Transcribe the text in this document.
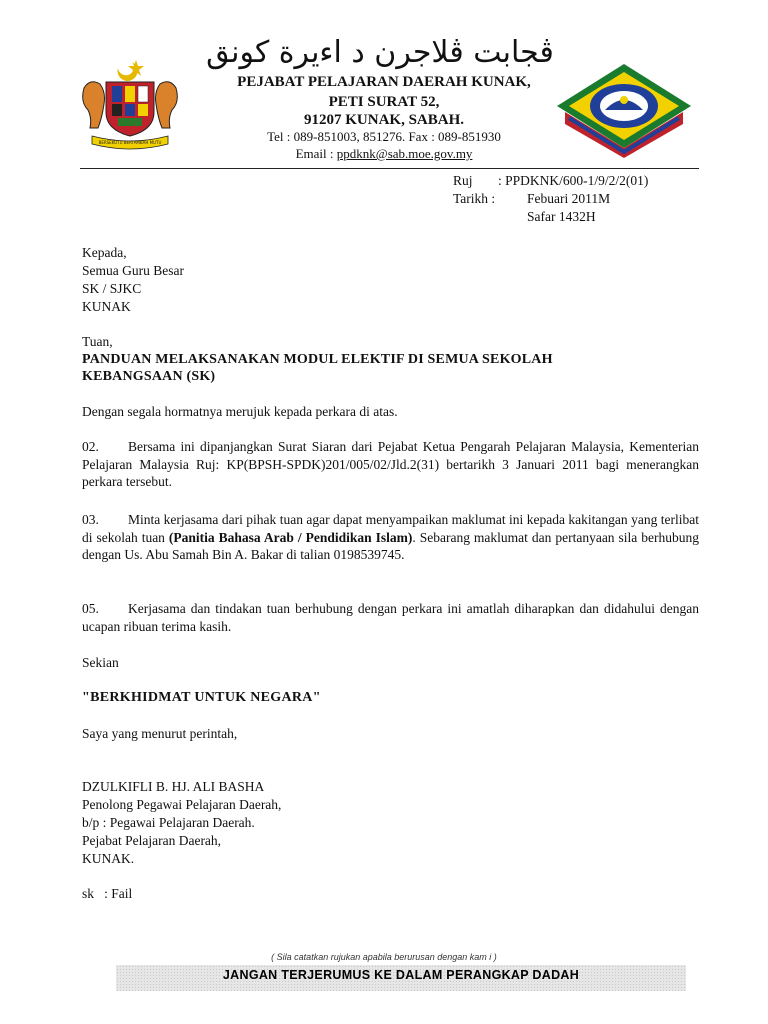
ڤجابت ڤلاجرن د اءيرة كونق
BERSEKUTU BERTAMBAH MUTU
PEJABAT PELAJARAN DAERAH KUNAK,
PETI SURAT 52,
91207 KUNAK, SABAH.
Tel : 089-851003, 851276. Fax : 089-851930
Email : ppdknk@sab.moe.gov.my
Ruj : PPDKNK/600-1/9/2/2(01)
Tarikh : Febuari 2011M
Safar 1432H
Kepada,
Semua Guru Besar
SK / SJKC
KUNAK
Tuan,
PANDUAN MELAKSANAKAN MODUL ELEKTIF DI SEMUA SEKOLAH
KEBANGSAAN (SK)
Dengan segala hormatnya merujuk kepada perkara di atas.
02. Bersama ini dipanjangkan Surat Siaran dari Pejabat Ketua Pengarah Pelajaran Malaysia, Kementerian Pelajaran Malaysia Ruj: KP(BPSH-SPDK)201/005/02/Jld.2(31) bertarikh 3 Januari 2011 bagi menerangkan perkara tersebut.
03. Minta kerjasama dari pihak tuan agar dapat menyampaikan maklumat ini kepada kakitangan yang terlibat di sekolah tuan (Panitia Bahasa Arab / Pendidikan Islam). Sebarang maklumat dan pertanyaan sila berhubung dengan Us. Abu Samah Bin A. Bakar di talian 0198539745.
05. Kerjasama dan tindakan tuan berhubung dengan perkara ini amatlah diharapkan dan didahului dengan ucapan ribuan terima kasih.
Sekian
"BERKHIDMAT UNTUK NEGARA"
Saya yang menurut perintah,
DZULKIFLI B. HJ. ALI BASHA
Penolong Pegawai Pelajaran Daerah,
b/p : Pegawai Pelajaran Daerah.
Pejabat Pelajaran Daerah,
KUNAK.
sk   : Fail
( Sila catatkan rujukan apabila berurusan dengan kam i )
JANGAN TERJERUMUS KE DALAM PERANGKAP DADAH
